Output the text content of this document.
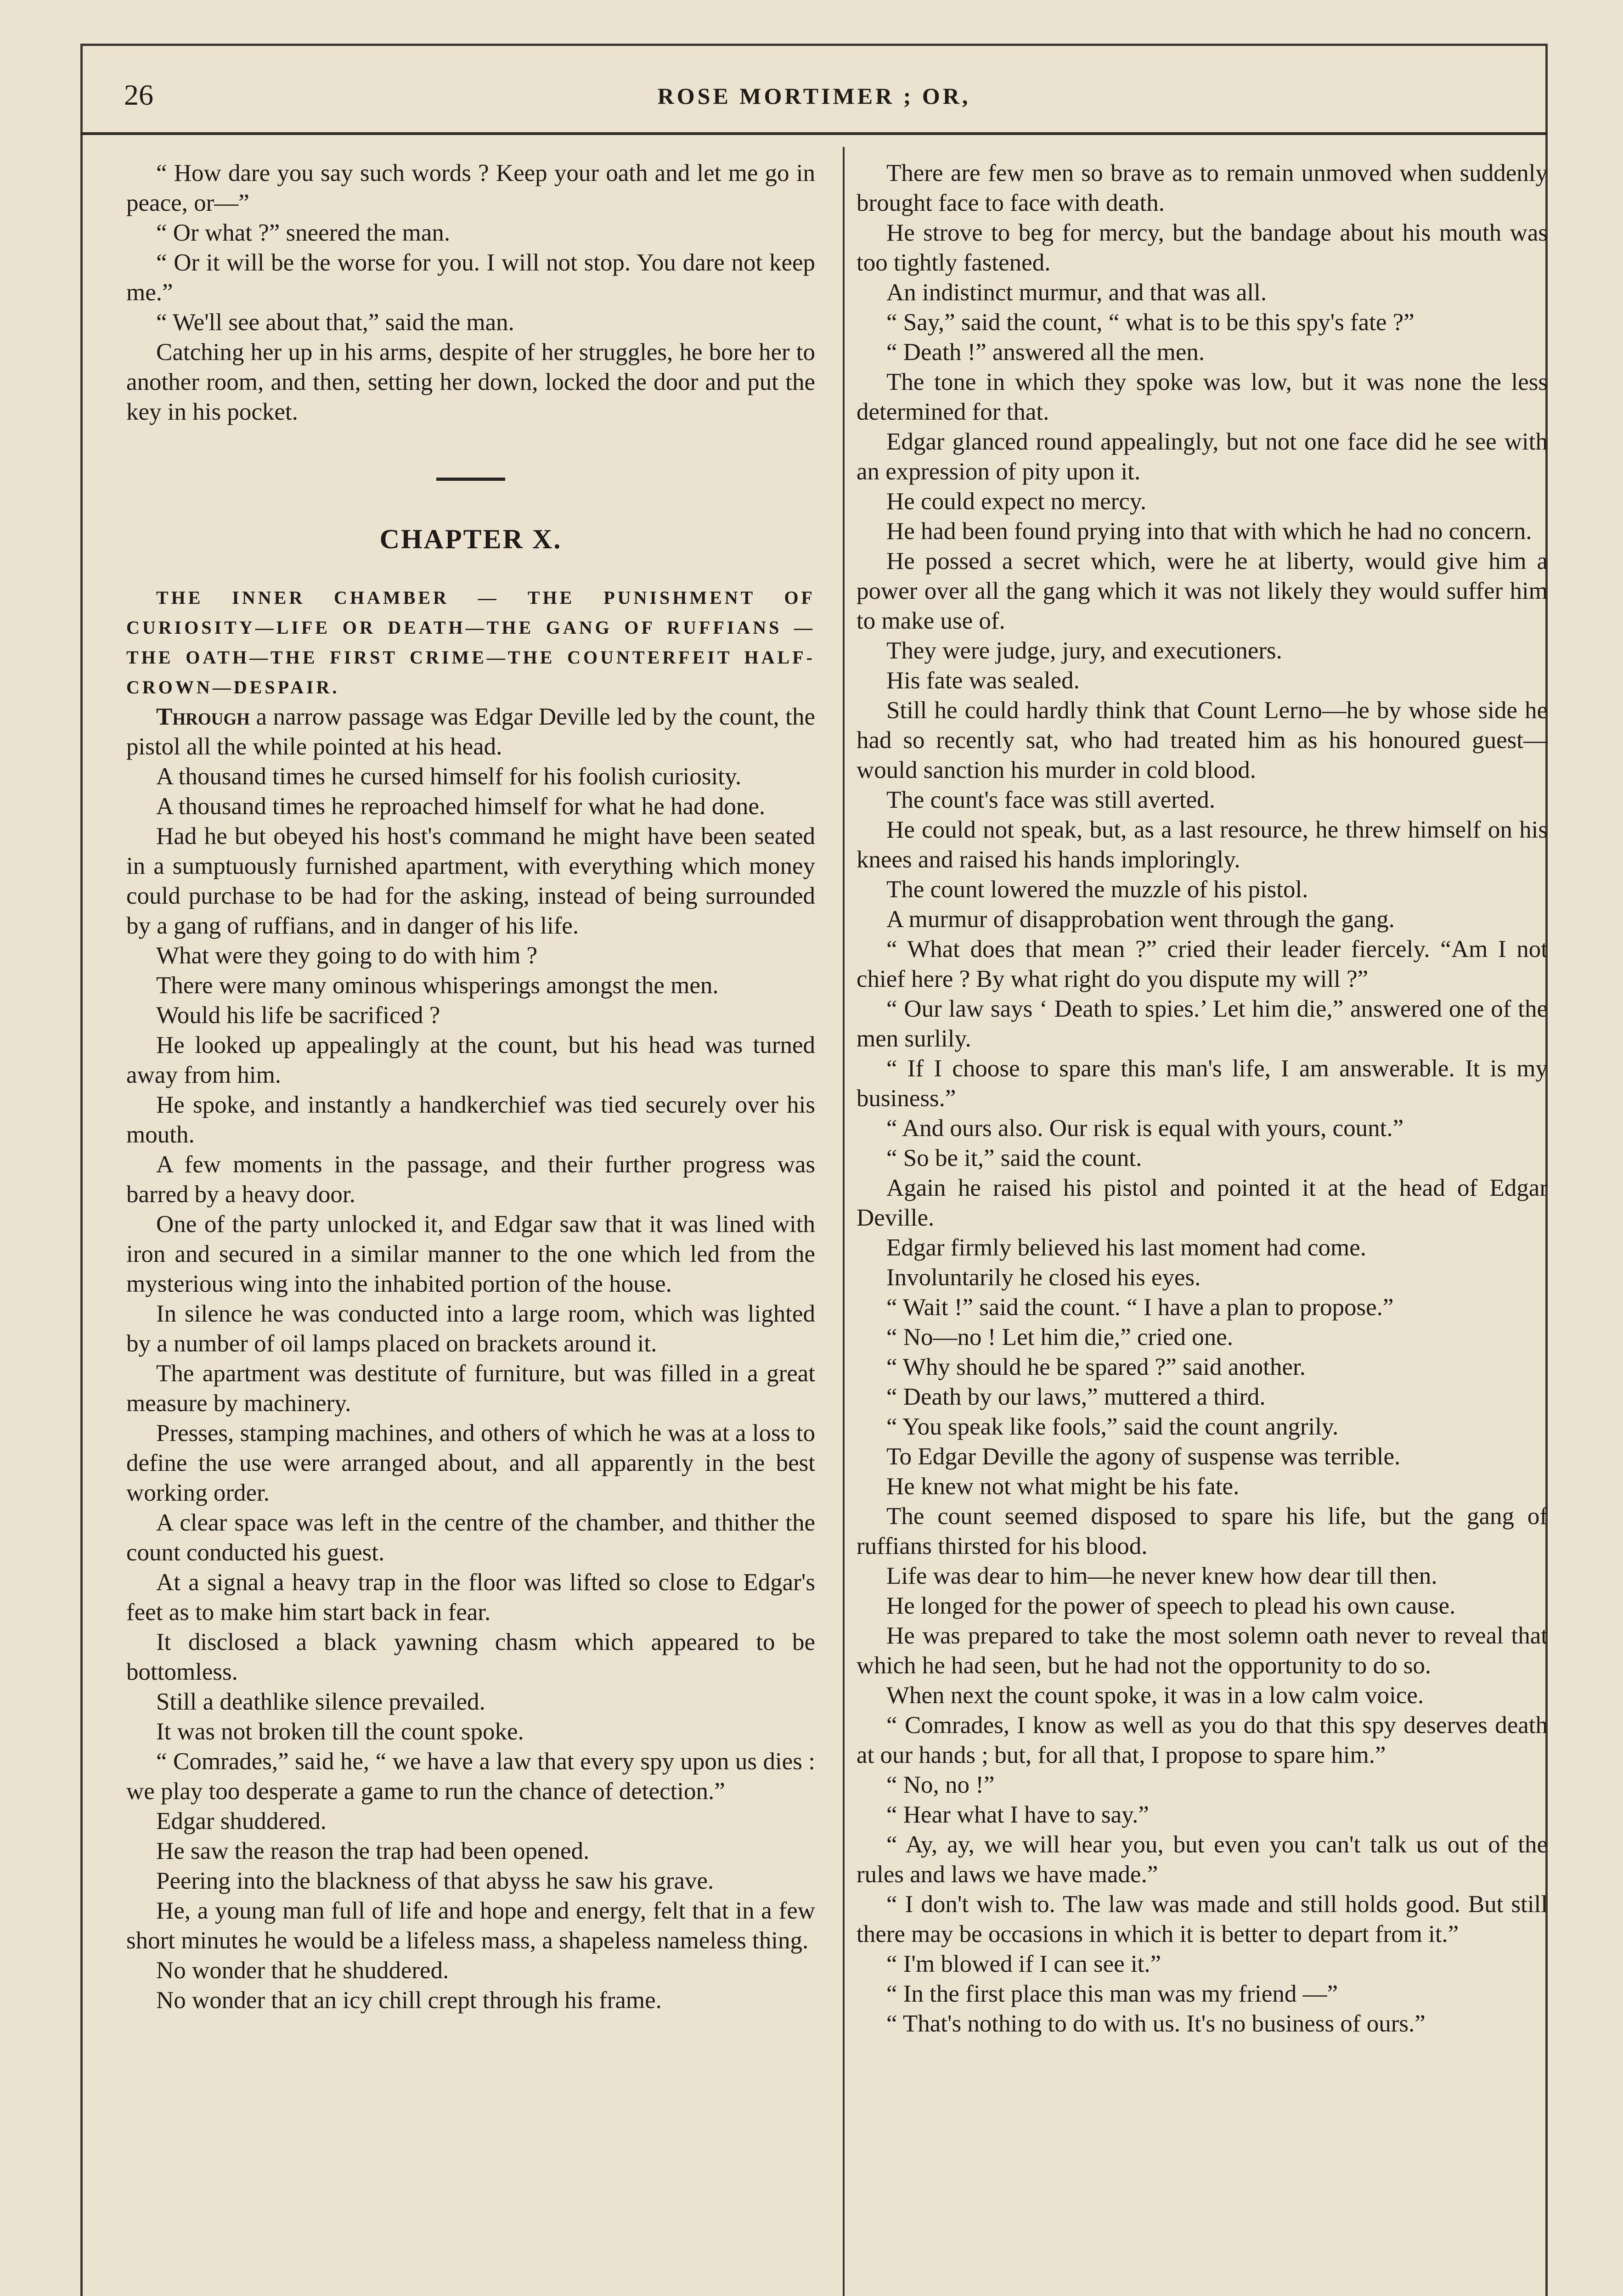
26	ROSE MORTIMER ; OR,

“ How dare you say such words ? Keep your oath and let me go in peace, or—”

“ Or what ?” sneered the man.

“ Or it will be the worse for you. I will not stop. You dare not keep me.”

“ We'll see about that,” said the man.

Catching her up in his arms, despite of her struggles, he bore her to another room, and then, setting her down, locked the door and put the key in his pocket.

CHAPTER X.

THE INNER CHAMBER — THE PUNISHMENT OF CURIOSITY—LIFE OR DEATH—THE GANG OF RUFFIANS — THE OATH—THE FIRST CRIME—THE COUNTERFEIT HALF-CROWN—DESPAIR.

Through a narrow passage was Edgar Deville led by the count, the pistol all the while pointed at his head.

A thousand times he cursed himself for his foolish curiosity.

A thousand times he reproached himself for what he had done.

Had he but obeyed his host's command he might have been seated in a sumptuously furnished apartment, with everything which money could purchase to be had for the asking, instead of being surrounded by a gang of ruffians, and in danger of his life.

What were they going to do with him ?

There were many ominous whisperings amongst the men.

Would his life be sacrificed ?

He looked up appealingly at the count, but his head was turned away from him.

He spoke, and instantly a handkerchief was tied securely over his mouth.

A few moments in the passage, and their further progress was barred by a heavy door.

One of the party unlocked it, and Edgar saw that it was lined with iron and secured in a similar manner to the one which led from the mysterious wing into the inhabited portion of the house.

In silence he was conducted into a large room, which was lighted by a number of oil lamps placed on brackets around it.

The apartment was destitute of furniture, but was filled in a great measure by machinery.

Presses, stamping machines, and others of which he was at a loss to define the use were arranged about, and all apparently in the best working order.

A clear space was left in the centre of the chamber, and thither the count conducted his guest.

At a signal a heavy trap in the floor was lifted so close to Edgar's feet as to make him start back in fear.

It disclosed a black yawning chasm which appeared to be bottomless.

Still a deathlike silence prevailed.

It was not broken till the count spoke.

“ Comrades,” said he, “ we have a law that every spy upon us dies : we play too desperate a game to run the chance of detection.”

Edgar shuddered.

He saw the reason the trap had been opened.

Peering into the blackness of that abyss he saw his grave.

He, a young man full of life and hope and energy, felt that in a few short minutes he would be a lifeless mass, a shapeless nameless thing.

No wonder that he shuddered.

No wonder that an icy chill crept through his frame.

There are few men so brave as to remain unmoved when suddenly brought face to face with death.

He strove to beg for mercy, but the bandage about his mouth was too tightly fastened.

An indistinct murmur, and that was all.

“ Say,” said the count, “ what is to be this spy's fate ?”

“ Death !” answered all the men.

The tone in which they spoke was low, but it was none the less determined for that.

Edgar glanced round appealingly, but not one face did he see with an expression of pity upon it.

He could expect no mercy.

He had been found prying into that with which he had no concern.

He possed a secret which, were he at liberty, would give him a power over all the gang which it was not likely they would suffer him to make use of.

They were judge, jury, and executioners.

His fate was sealed.

Still he could hardly think that Count Lerno—he by whose side he had so recently sat, who had treated him as his honoured guest—would sanction his murder in cold blood.

The count's face was still averted.

He could not speak, but, as a last resource, he threw himself on his knees and raised his hands imploringly.

The count lowered the muzzle of his pistol.

A murmur of disapprobation went through the gang.

“ What does that mean ?” cried their leader fiercely. “Am I not chief here ? By what right do you dispute my will ?”

“ Our law says ‘ Death to spies.’ Let him die,” answered one of the men surlily.

“ If I choose to spare this man's life, I am answerable. It is my business.”

“ And ours also. Our risk is equal with yours, count.”

“ So be it,” said the count.

Again he raised his pistol and pointed it at the head of Edgar Deville.

Edgar firmly believed his last moment had come.

Involuntarily he closed his eyes.

“ Wait !” said the count. “ I have a plan to propose.”

“ No—no ! Let him die,” cried one.

“ Why should he be spared ?” said another.

“ Death by our laws,” muttered a third.

“ You speak like fools,” said the count angrily.

To Edgar Deville the agony of suspense was terrible.

He knew not what might be his fate.

The count seemed disposed to spare his life, but the gang of ruffians thirsted for his blood.

Life was dear to him—he never knew how dear till then.

He longed for the power of speech to plead his own cause.

He was prepared to take the most solemn oath never to reveal that which he had seen, but he had not the opportunity to do so.

When next the count spoke, it was in a low calm voice.

“ Comrades, I know as well as you do that this spy deserves death at our hands ; but, for all that, I propose to spare him.”

“ No, no !”

“ Hear what I have to say.”

“ Ay, ay, we will hear you, but even you can't talk us out of the rules and laws we have made.”

“ I don't wish to. The law was made and still holds good. But still there may be occasions in which it is better to depart from it.”

“ I'm blowed if I can see it.”

“ In the first place this man was my friend —”

“ That's nothing to do with us. It's no business of ours.”
